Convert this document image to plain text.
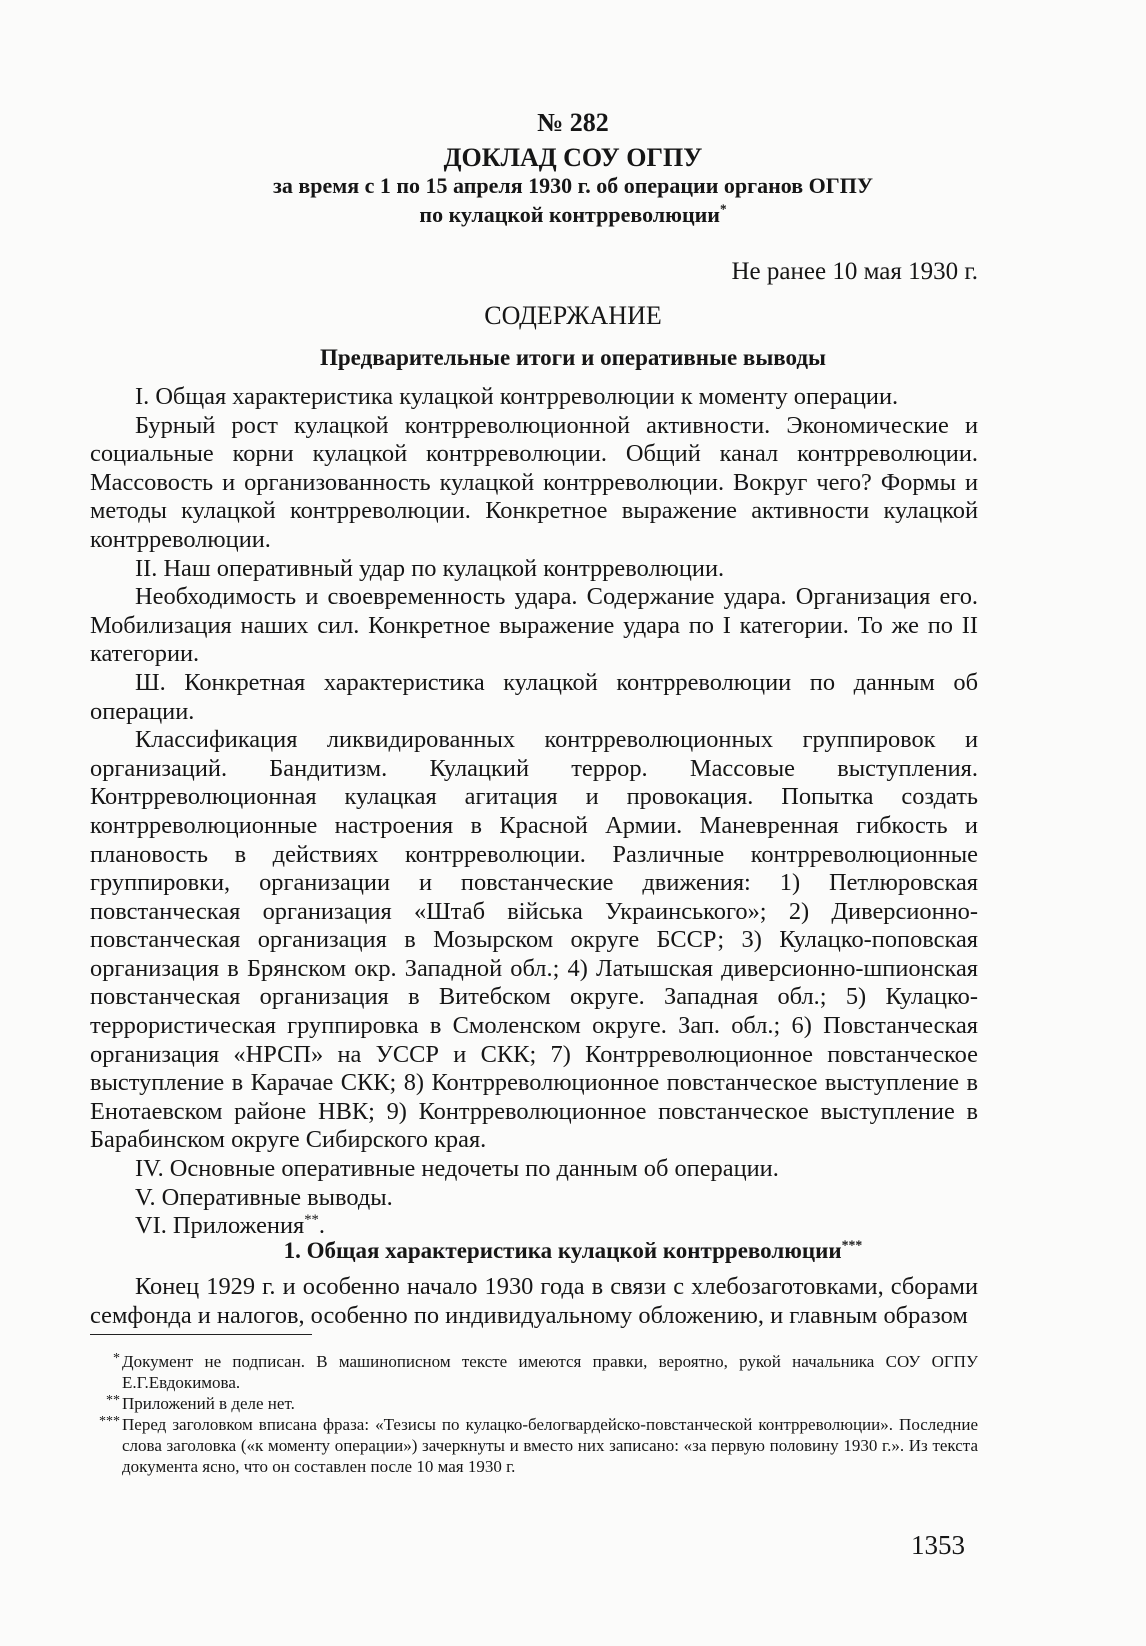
№ 282
ДОКЛАД СОУ ОГПУ
за время с 1 по 15 апреля 1930 г. об операции органов ОГПУ
по кулацкой контрреволюции*
Не ранее 10 мая 1930 г.
СОДЕРЖАНИЕ
Предварительные итоги и оперативные выводы

I. Общая характеристика кулацкой контрреволюции к моменту операции.

Бурный рост кулацкой контрреволюционной активности. Экономические и социальные корни кулацкой контрреволюции. Общий канал контрреволюции. Массовость и организованность кулацкой контрреволюции. Вокруг чего? Формы и методы кулацкой контрреволюции. Конкретное выражение активности кулацкой контрреволюции.

II. Наш оперативный удар по кулацкой контрреволюции.

Необходимость и своевременность удара. Содержание удара. Организация его. Мобилизация наших сил. Конкретное выражение удара по I категории. То же по II категории.

Ш. Конкретная характеристика кулацкой контрреволюции по данным об операции.

Классификация ликвидированных контрреволюционных группировок и организаций. Бандитизм. Кулацкий террор. Массовые выступления. Контрреволюционная кулацкая агитация и провокация. Попытка создать контрреволюционные настроения в Красной Армии. Маневренная гибкость и плановость в действиях контрреволюции. Различные контрреволюционные группировки, организации и повстанческие движения: 1) Петлюровская повстанческая организация «Штаб війська Украинського»; 2) Диверсионно-повстанческая организация в Мозырском округе БССР; 3) Кулацко-поповская организация в Брянском окр. Западной обл.; 4) Латышская диверсионно-шпионская повстанческая организация в Витебском округе. Западная обл.; 5) Кулацко-террористическая группировка в Смоленском округе. Зап. обл.; 6) Повстанческая организация «НРСП» на УССР и СКК; 7) Контрреволюционное повстанческое выступление в Карачае СКК; 8) Контрреволюционное повстанческое выступление в Енотаевском районе НВК; 9) Контрреволюционное повстанческое выступление в Барабинском округе Сибирского края.

IV. Основные оперативные недочеты по данным об операции.

V. Оперативные выводы.

VI. Приложения**.

1. Общая характеристика кулацкой контрреволюции***

Конец 1929 г. и особенно начало 1930 года в связи с хлебозаготовками, сборами семфонда и налогов, особенно по индивидуальному обложению, и главным образом

* Документ не подписан. В машинописном тексте имеются правки, вероятно, рукой начальника СОУ ОГПУ Е.Г.Евдокимова.
** Приложений в деле нет.
*** Перед заголовком вписана фраза: «Тезисы по кулацко-белогвардейско-повстанческой контрреволюции». Последние слова заголовка («к моменту операции») зачеркнуты и вместо них записано: «за первую половину 1930 г.». Из текста документа ясно, что он составлен после 10 мая 1930 г.
1353
